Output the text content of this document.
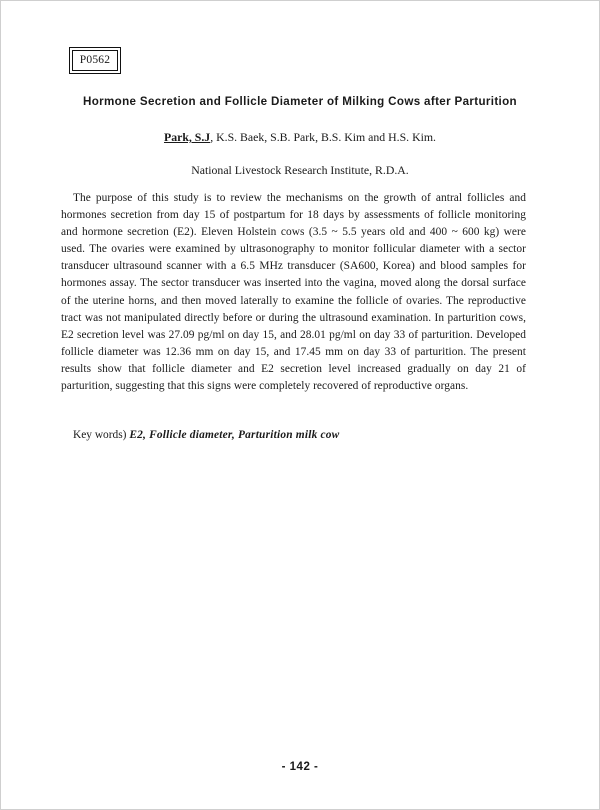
P0562
Hormone Secretion and Follicle Diameter of Milking Cows after Parturition
Park, S.J, K.S. Baek, S.B. Park, B.S. Kim and H.S. Kim.
National Livestock Research Institute, R.D.A.

The purpose of this study is to review the mechanisms on the growth of antral follicles and hormones secretion from day 15 of postpartum for 18 days by assessments of follicle monitoring and hormone secretion (E2). Eleven Holstein cows (3.5 ~ 5.5 years old and 400 ~ 600 kg) were used. The ovaries were examined by ultrasonography to monitor follicular diameter with a sector transducer ultrasound scanner with a 6.5 MHz transducer (SA600, Korea) and blood samples for hormones assay. The sector transducer was inserted into the vagina, moved along the dorsal surface of the uterine horns, and then moved laterally to examine the follicle of ovaries. The reproductive tract was not manipulated directly before or during the ultrasound examination. In parturition cows, E2 secretion level was 27.09 pg/ml on day 15, and 28.01 pg/ml on day 33 of parturition. Developed follicle diameter was 12.36 mm on day 15, and 17.45 mm on day 33 of parturition. The present results show that follicle diameter and E2 secretion level increased gradually on day 21 of parturition, suggesting that this signs were completely recovered of reproductive organs.

Key words) E2, Follicle diameter, Parturition milk cow
- 142 -
